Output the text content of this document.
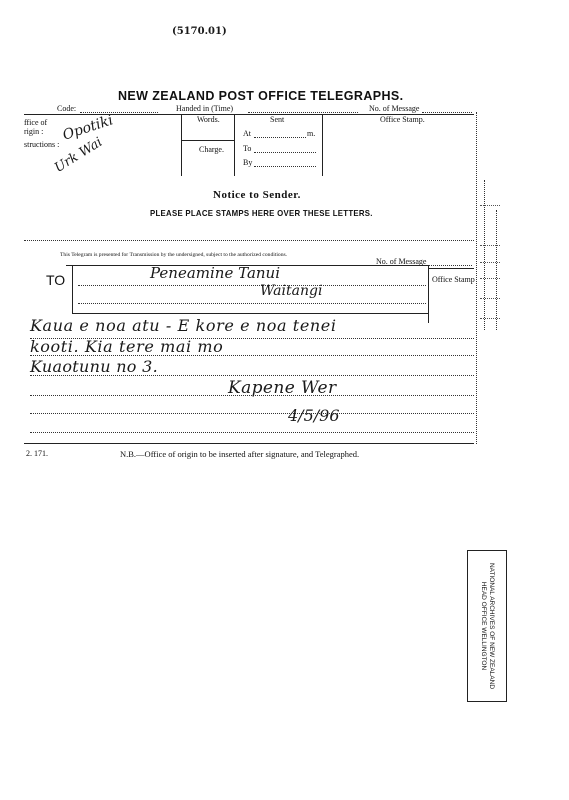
(5170.01)
NEW ZEALAND POST OFFICE TELEGRAPHS.
Code:	Handed in (Time)	No. of Message
ffice of
rigin :
structions :
Words.
Charge.
Sent
At	m.
To
By
Office Stamp.
Opotiki
Urk Wai
Notice to Sender.
PLEASE PLACE STAMPS HERE OVER THESE LETTERS.
This Telegram is presented for Transmission by the undersigned, subject to the authorized conditions.
No. of Message
TO	Office Stamp
Peneamine Tanui
Waitangi
Kaua e noa atu - E kore e noa tenei
kooti. Kia tere mai mo
Kuaotunu no 3.
Kapene Wer
4/5/96
2. 171.	N.B.—Office of origin to be inserted after signature, and Telegraphed.
NATIONAL ARCHIVES OF NEW ZEALAND
HEAD OFFICE WELLINGTON
